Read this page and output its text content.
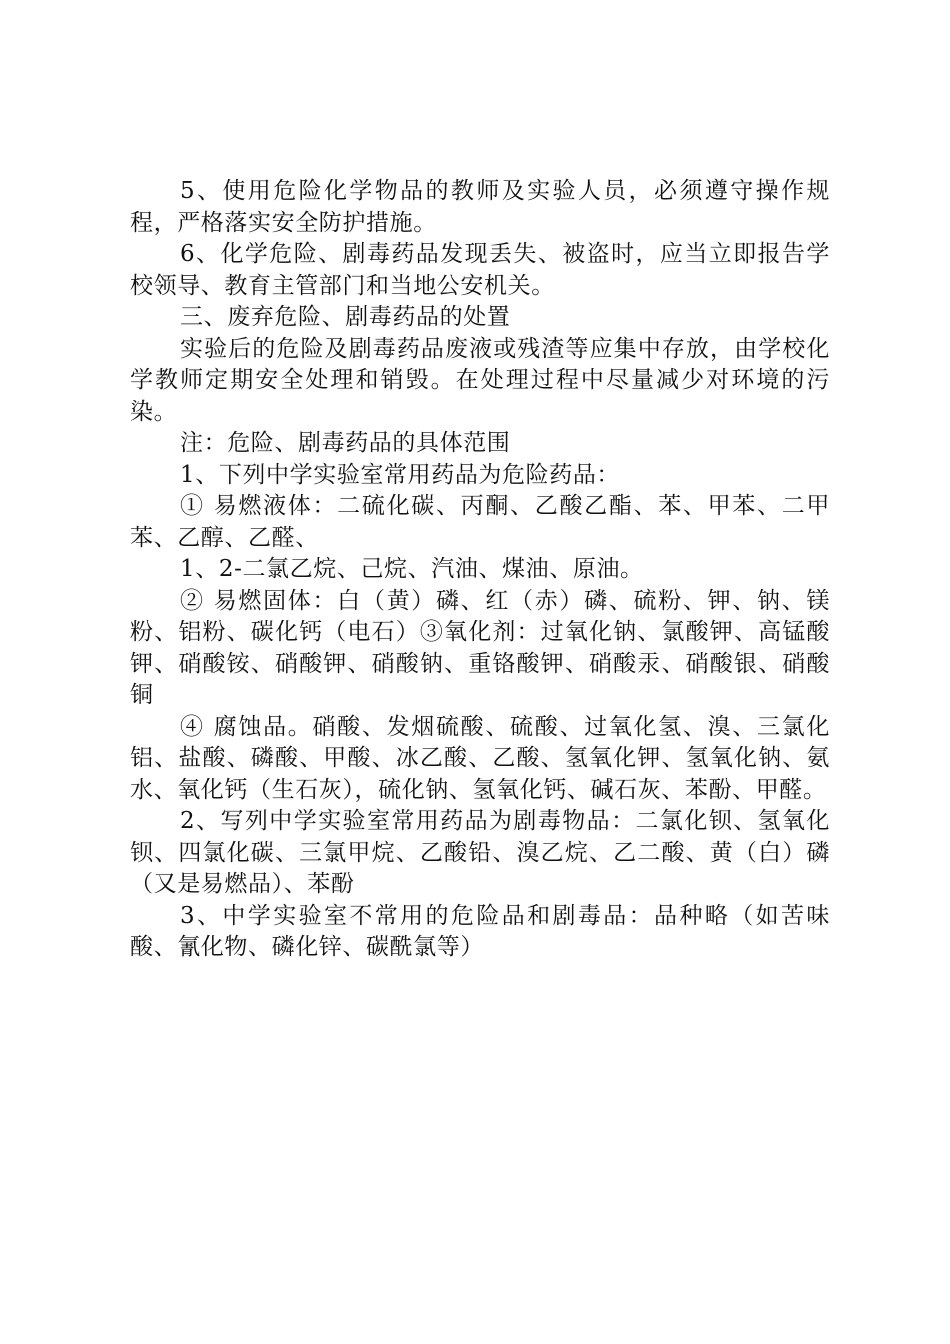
5、使用危险化学物品的教师及实验人员，必须遵守操作规程，严格落实安全防护措施。

6、化学危险、剧毒药品发现丢失、被盗时，应当立即报告学校领导、教育主管部门和当地公安机关。

三、废弃危险、剧毒药品的处置

实验后的危险及剧毒药品废液或残渣等应集中存放，由学校化学教师定期安全处理和销毁。在处理过程中尽量减少对环境的污染。

注：危险、剧毒药品的具体范围

1、下列中学实验室常用药品为危险药品：

① 易燃液体：二硫化碳、丙酮、乙酸乙酯、苯、甲苯、二甲苯、乙醇、乙醛、

1、2-二氯乙烷、己烷、汽油、煤油、原油。

② 易燃固体：白（黄）磷、红（赤）磷、硫粉、钾、钠、镁粉、铝粉、碳化钙（电石）③氧化剂：过氧化钠、氯酸钾、高锰酸钾、硝酸铵、硝酸钾、硝酸钠、重铬酸钾、硝酸汞、硝酸银、硝酸铜

④ 腐蚀品。硝酸、发烟硫酸、硫酸、过氧化氢、溴、三氯化铝、盐酸、磷酸、甲酸、冰乙酸、乙酸、氢氧化钾、氢氧化钠、氨水、氧化钙（生石灰），硫化钠、氢氧化钙、碱石灰、苯酚、甲醛。

2、写列中学实验室常用药品为剧毒物品：二氯化钡、氢氧化钡、四氯化碳、三氯甲烷、乙酸铅、溴乙烷、乙二酸、黄（白）磷（又是易燃品）、苯酚

3、中学实验室不常用的危险品和剧毒品：品种略（如苦味酸、氰化物、磷化锌、碳酰氯等）
